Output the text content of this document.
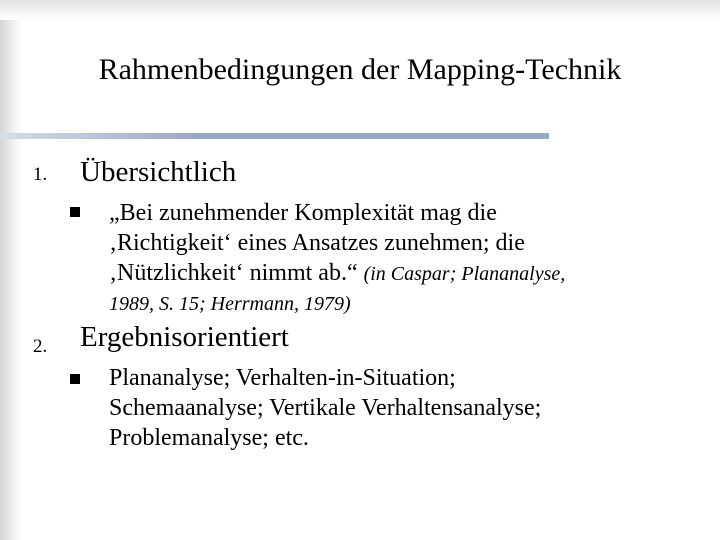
Rahmenbedingungen der Mapping-Technik
1. Übersichtlich
„Bei zunehmender Komplexität mag die
‚Richtigkeit‘ eines Ansatzes zunehmen; die
‚Nützlichkeit‘ nimmt ab.“ (in Caspar; Plananalyse,
1989, S. 15; Herrmann, 1979)
2. Ergebnisorientiert
Plananalyse; Verhalten-in-Situation;
Schemaanalyse; Vertikale Verhaltensanalyse;
Problemanalyse; etc.
